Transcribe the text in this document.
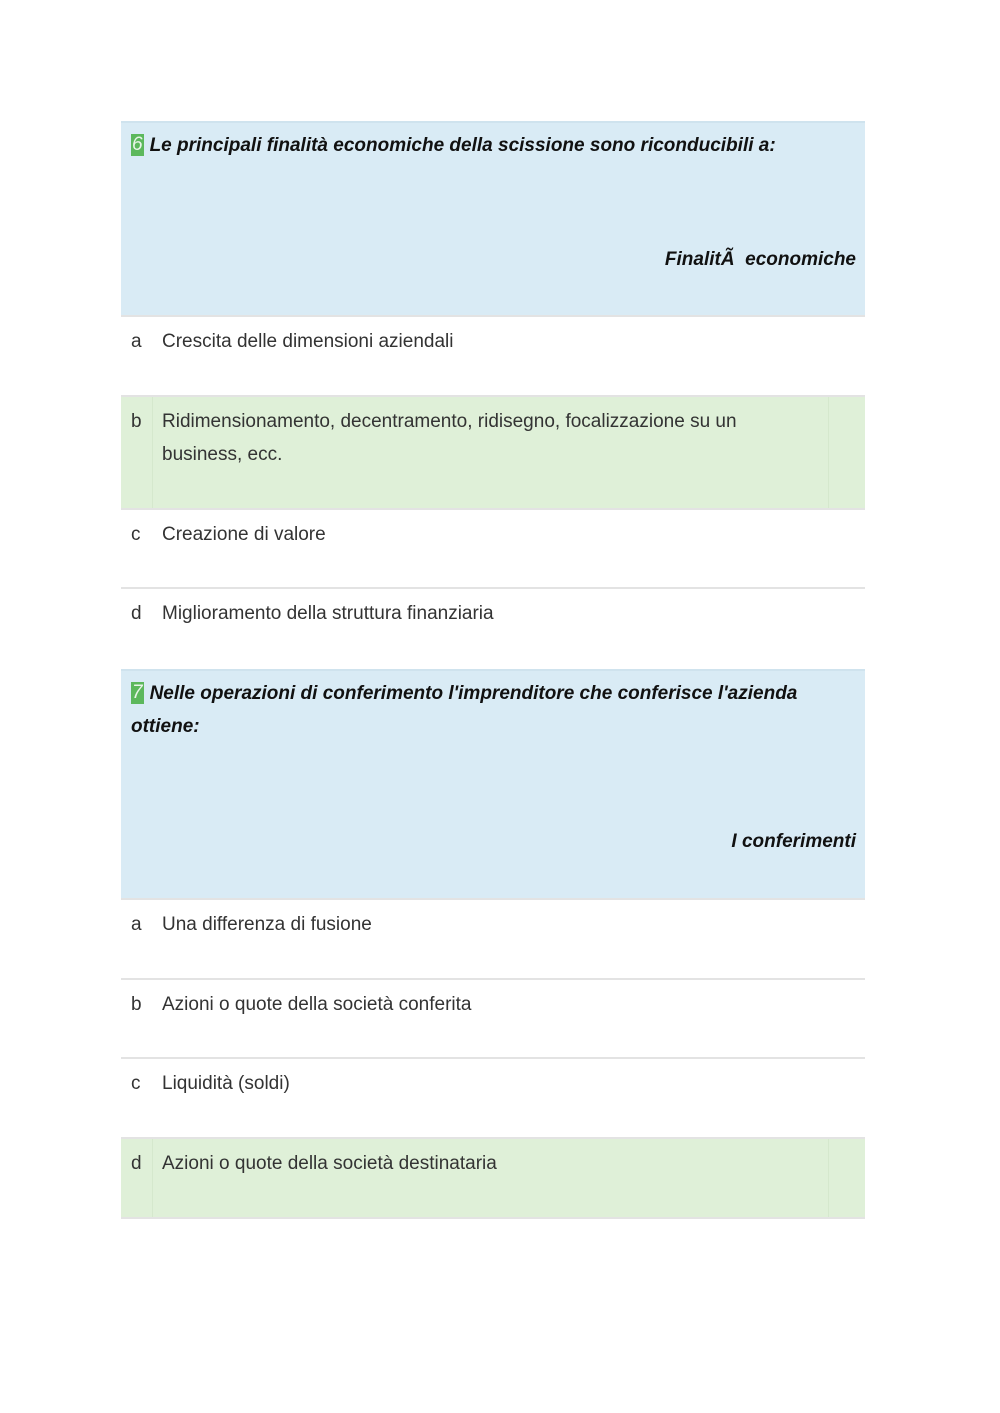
6 Le principali finalità economiche della scissione sono riconducibili a:
FinalitÃ  economiche
a	Crescita delle dimensioni aziendali
b	Ridimensionamento, decentramento, ridisegno, focalizzazione su un business, ecc.
c	Creazione di valore
d	Miglioramento della struttura finanziaria
7 Nelle operazioni di conferimento l'imprenditore che conferisce l'azienda ottiene:
I conferimenti
a	Una differenza di fusione
b	Azioni o quote della società conferita
c	Liquidità (soldi)
d	Azioni o quote della società destinataria
